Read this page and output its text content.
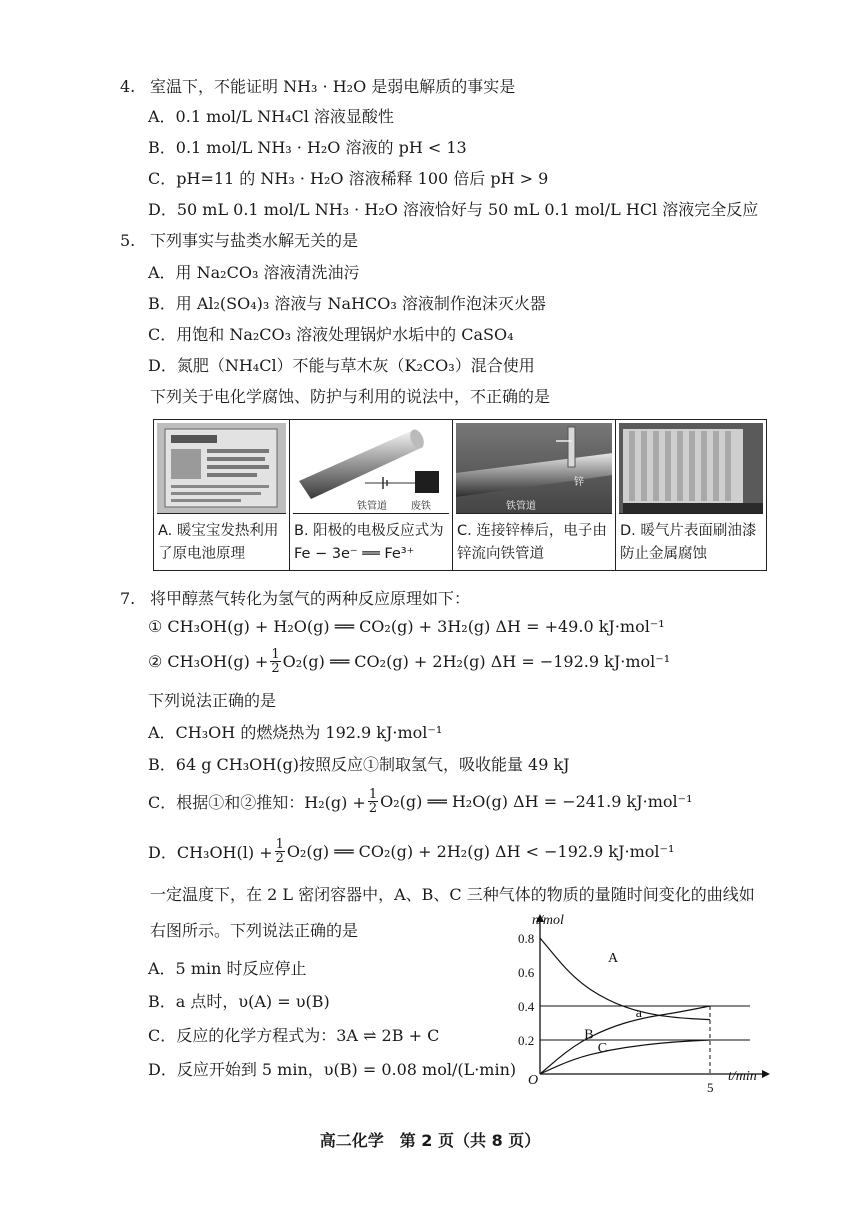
4. 室温下，不能证明 NH₃ · H₂O 是弱电解质的事实是
A．0.1 mol/L NH₄Cl 溶液显酸性
B．0.1 mol/L NH₃ · H₂O 溶液的 pH < 13
C．pH=11 的 NH₃ · H₂O 溶液稀释 100 倍后 pH > 9
D．50 mL 0.1 mol/L NH₃ · H₂O 溶液恰好与 50 mL 0.1 mol/L HCl 溶液完全反应
5. 下列事实与盐类水解无关的是
A．用 Na₂CO₃ 溶液清洗油污
B．用 Al₂(SO₄)₃ 溶液与 NaHCO₃ 溶液制作泡沫灭火器
C．用饱和 Na₂CO₃ 溶液处理锅炉水垢中的 CaSO₄
D．氮肥（NH₄Cl）不能与草木灰（K₂CO₃）混合使用
下列关于电化学腐蚀、防护与利用的说法中，不正确的是
A. 暖宝宝发热利用了原电池原理
铁管道 废铁
B. 阳极的电极反应式为 Fe − 3e⁻ ══ Fe³⁺
铁管道
锌
C. 连接锌棒后，电子由锌流向铁管道
D. 暖气片表面刷油漆防止金属腐蚀
7. 将甲醇蒸气转化为氢气的两种反应原理如下：
① CH₃OH(g) + H₂O(g) ══ CO₂(g) + 3H₂(g) ΔH = +49.0 kJ·mol⁻¹
② $CH_3OH(g) + \frac{1}{2} O_2(g)$ ══ CO₂(g) + 2H₂(g) ΔH = −192.9 kJ·mol⁻¹
下列说法正确的是
A．CH₃OH 的燃烧热为 192.9 kJ·mol⁻¹
B．64 g CH₃OH(g)按照反应①制取氢气，吸收能量 49 kJ
C．根据①和②推知：$H_2(g) + \frac{1}{2} O_2(g)$ ══ H₂O(g) ΔH = −241.9 kJ·mol⁻¹
D．$CH_3OH(l) + \frac{1}{2} O_2(g)$ ══ CO₂(g) + 2H₂(g) ΔH < −192.9 kJ·mol⁻¹
一定温度下，在 2 L 密闭容器中，A、B、C 三种气体的物质的量随时间变化的曲线如
右图所示。下列说法正确的是
A．5 min 时反应停止
B．a 点时，υ(A) = υ(B)
C．反应的化学方程式为：3A ⇌ 2B + C
D．反应开始到 5 min，υ(B) = 0.08 mol/(L·min)
n/mol
t/min
O
0.2
0.4
0.6
0.8
5
A
B
C
a
高二化学　第 2 页（共 8 页）
